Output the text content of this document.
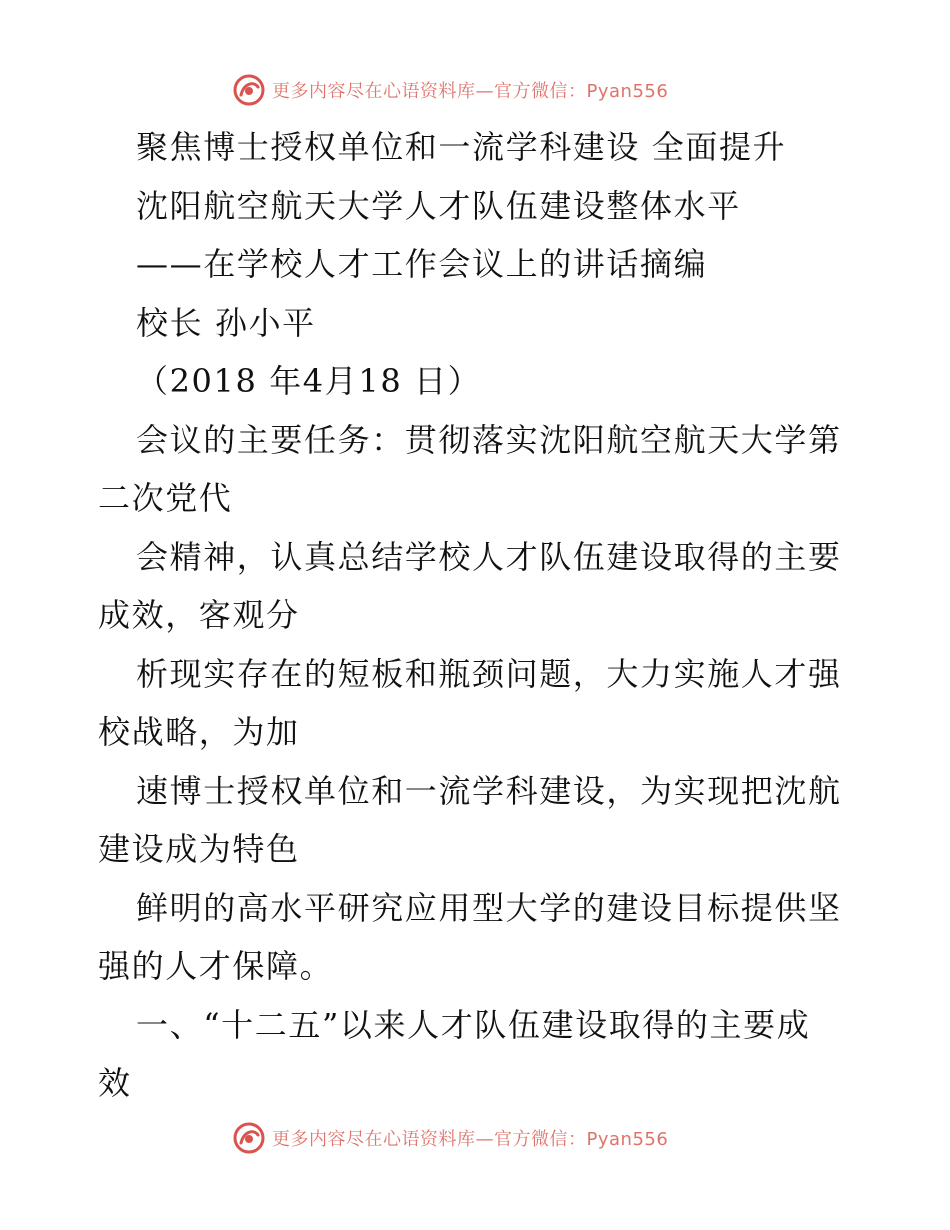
更多内容尽在心语资料库—官方微信：Pyan556
聚焦博士授权单位和一流学科建设 全面提升
沈阳航空航天大学人才队伍建设整体水平
——在学校人才工作会议上的讲话摘编
校长 孙小平
（2018 年4月18 日）
会议的主要任务：贯彻落实沈阳航空航天大学第
二次党代
会精神，认真总结学校人才队伍建设取得的主要
成效，客观分
析现实存在的短板和瓶颈问题，大力实施人才强
校战略，为加
速博士授权单位和一流学科建设，为实现把沈航
建设成为特色
鲜明的高水平研究应用型大学的建设目标提供坚
强的人才保障。
一、“十二五”以来人才队伍建设取得的主要成
效
更多内容尽在心语资料库—官方微信：Pyan556
